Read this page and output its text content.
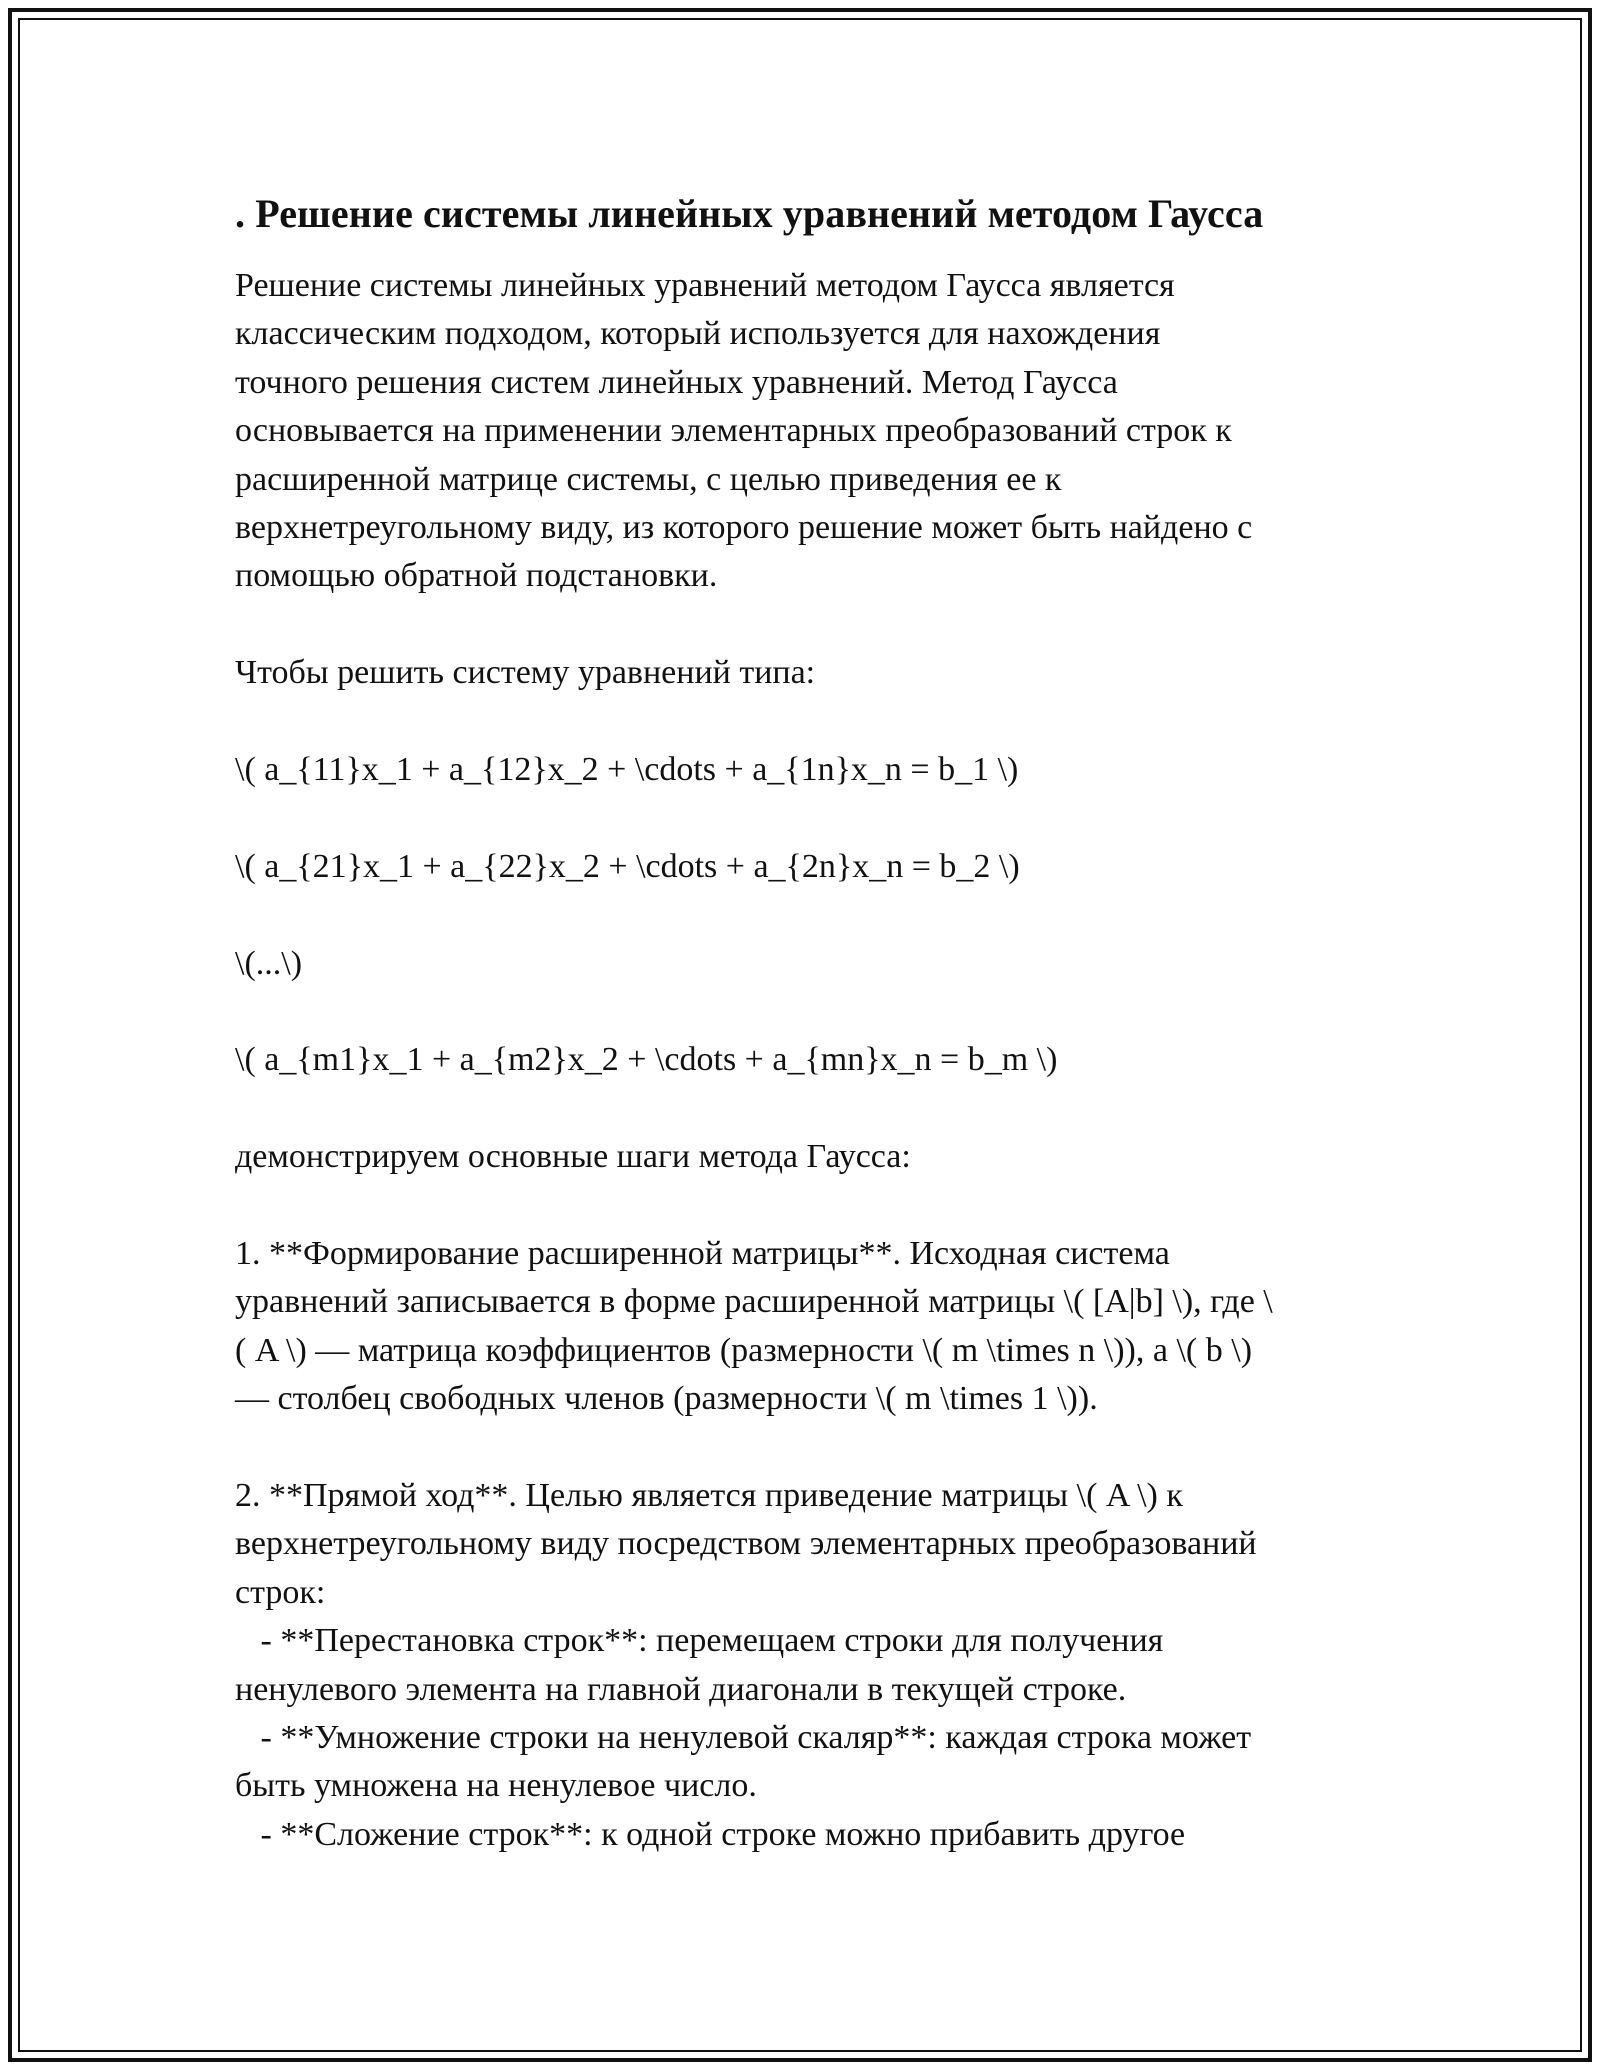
. Решение системы линейных уравнений методом Гаусса

Решение системы линейных уравнений методом Гаусса является
классическим подходом, который используется для нахождения
точного решения систем линейных уравнений. Метод Гаусса
основывается на применении элементарных преобразований строк к
расширенной матрице системы, с целью приведения ее к
верхнетреугольному виду, из которого решение может быть найдено с
помощью обратной подстановки.

Чтобы решить систему уравнений типа:

\( a_{11}x_1 + a_{12}x_2 + \cdots + a_{1n}x_n = b_1 \)

\( a_{21}x_1 + a_{22}x_2 + \cdots + a_{2n}x_n = b_2 \)

\(...\)

\( a_{m1}x_1 + a_{m2}x_2 + \cdots + a_{mn}x_n = b_m \)

демонстрируем основные шаги метода Гаусса:

1. **Формирование расширенной матрицы**. Исходная система
уравнений записывается в форме расширенной матрицы \( [A|b] \), где \
( A \) — матрица коэффициентов (размерности \( m \times n \)), а \( b \)
— столбец свободных членов (размерности \( m \times 1 \)).

2. **Прямой ход**. Целью является приведение матрицы \( A \) к
верхнетреугольному виду посредством элементарных преобразований
строк:
- **Перестановка строк**: перемещаем строки для получения
ненулевого элемента на главной диагонали в текущей строке.
- **Умножение строки на ненулевой скаляр**: каждая строка может
быть умножена на ненулевое число.
- **Сложение строк**: к одной строке можно прибавить другое
